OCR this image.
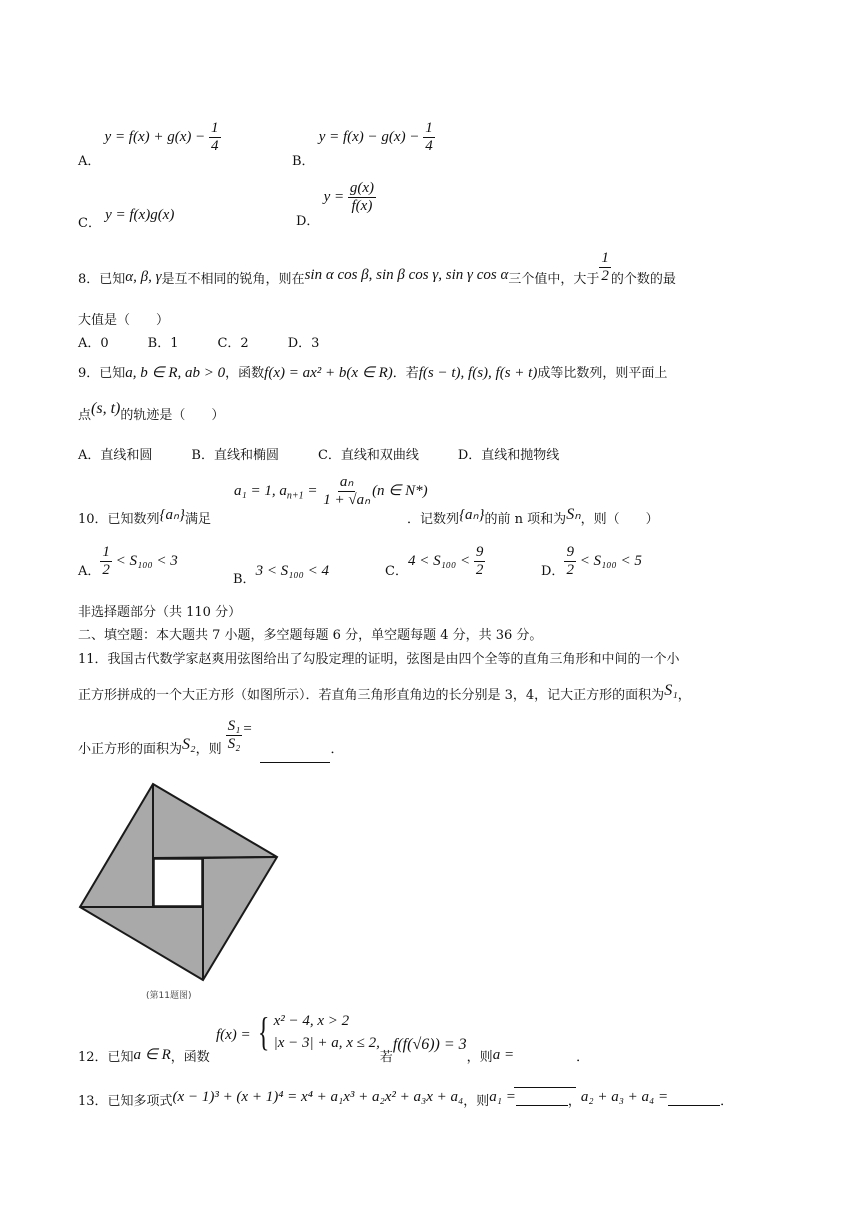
A． $y = f(x) + g(x) - \frac{1}{4}$
B． $y = f(x) - g(x) - \frac{1}{4}$
C． y = f(x)g(x)	D． $y = \frac{g(x)}{f(x)}$
8．已知α, β, γ是互不相同的锐角，则在sin α cos β, sin β cos γ, sin γ cos α三个值中，大于 $\frac{1}{2}$ 的个数的最
大值是（　　）
A．0　　　B．1　　　C．2　　　D．3
9．已知a, b ∈ R, ab > 0，函数f(x) = ax² + b(x ∈ R)．若f(s − t), f(s), f(s + t)成等比数列，则平面上
点(s, t)的轨迹是（　　）
A．直线和圆　　　B．直线和椭圆　　　C．直线和双曲线　　　D．直线和抛物线
a₁ = 1, $a_{n+1} = \frac{\text{aₙ}}{\text{1 + √aₙ}} (n$ ∈ N*)
10．已知数列{aₙ}满足	．记数列{aₙ}的前 n 项和为Sₙ，则（　　）
A． $\frac{1}{2} < S_{100} < 3$
B．3 < S₁₀₀ < 4	C．$4 < S_{100} < \frac{9}{2}$	D． $\frac{9}{2} < S_{100} < 5$
非选择题部分（共 110 分）
二、填空题：本大题共 7 小题，多空题每题 6 分，单空题每题 4 分，共 36 分。
11．我国古代数学家赵爽用弦图给出了勾股定理的证明，弦图是由四个全等的直角三角形和中间的一个小
正方形拼成的一个大正方形（如图所示）．若直角三角形直角边的长分别是 3，4，记大正方形的面积为S₁，
小正方形的面积为S₂，则 $\frac{\text{S₁}}{\text{S₂}}$ =．
(第11题图)
12．已知a ∈ R，函数 f(x) = { x² − 4, x > 2
|x − 3| + a, x ≤ 2,
若f(f(√6)) = 3，则a =	．
13．已知多项式(x − 1)³ + (x + 1)⁴ = x⁴ + a₁x³ + a₂x² + a₃x + a₄，则a₁ =	，a₂ + a₃ + a₄ =	．
